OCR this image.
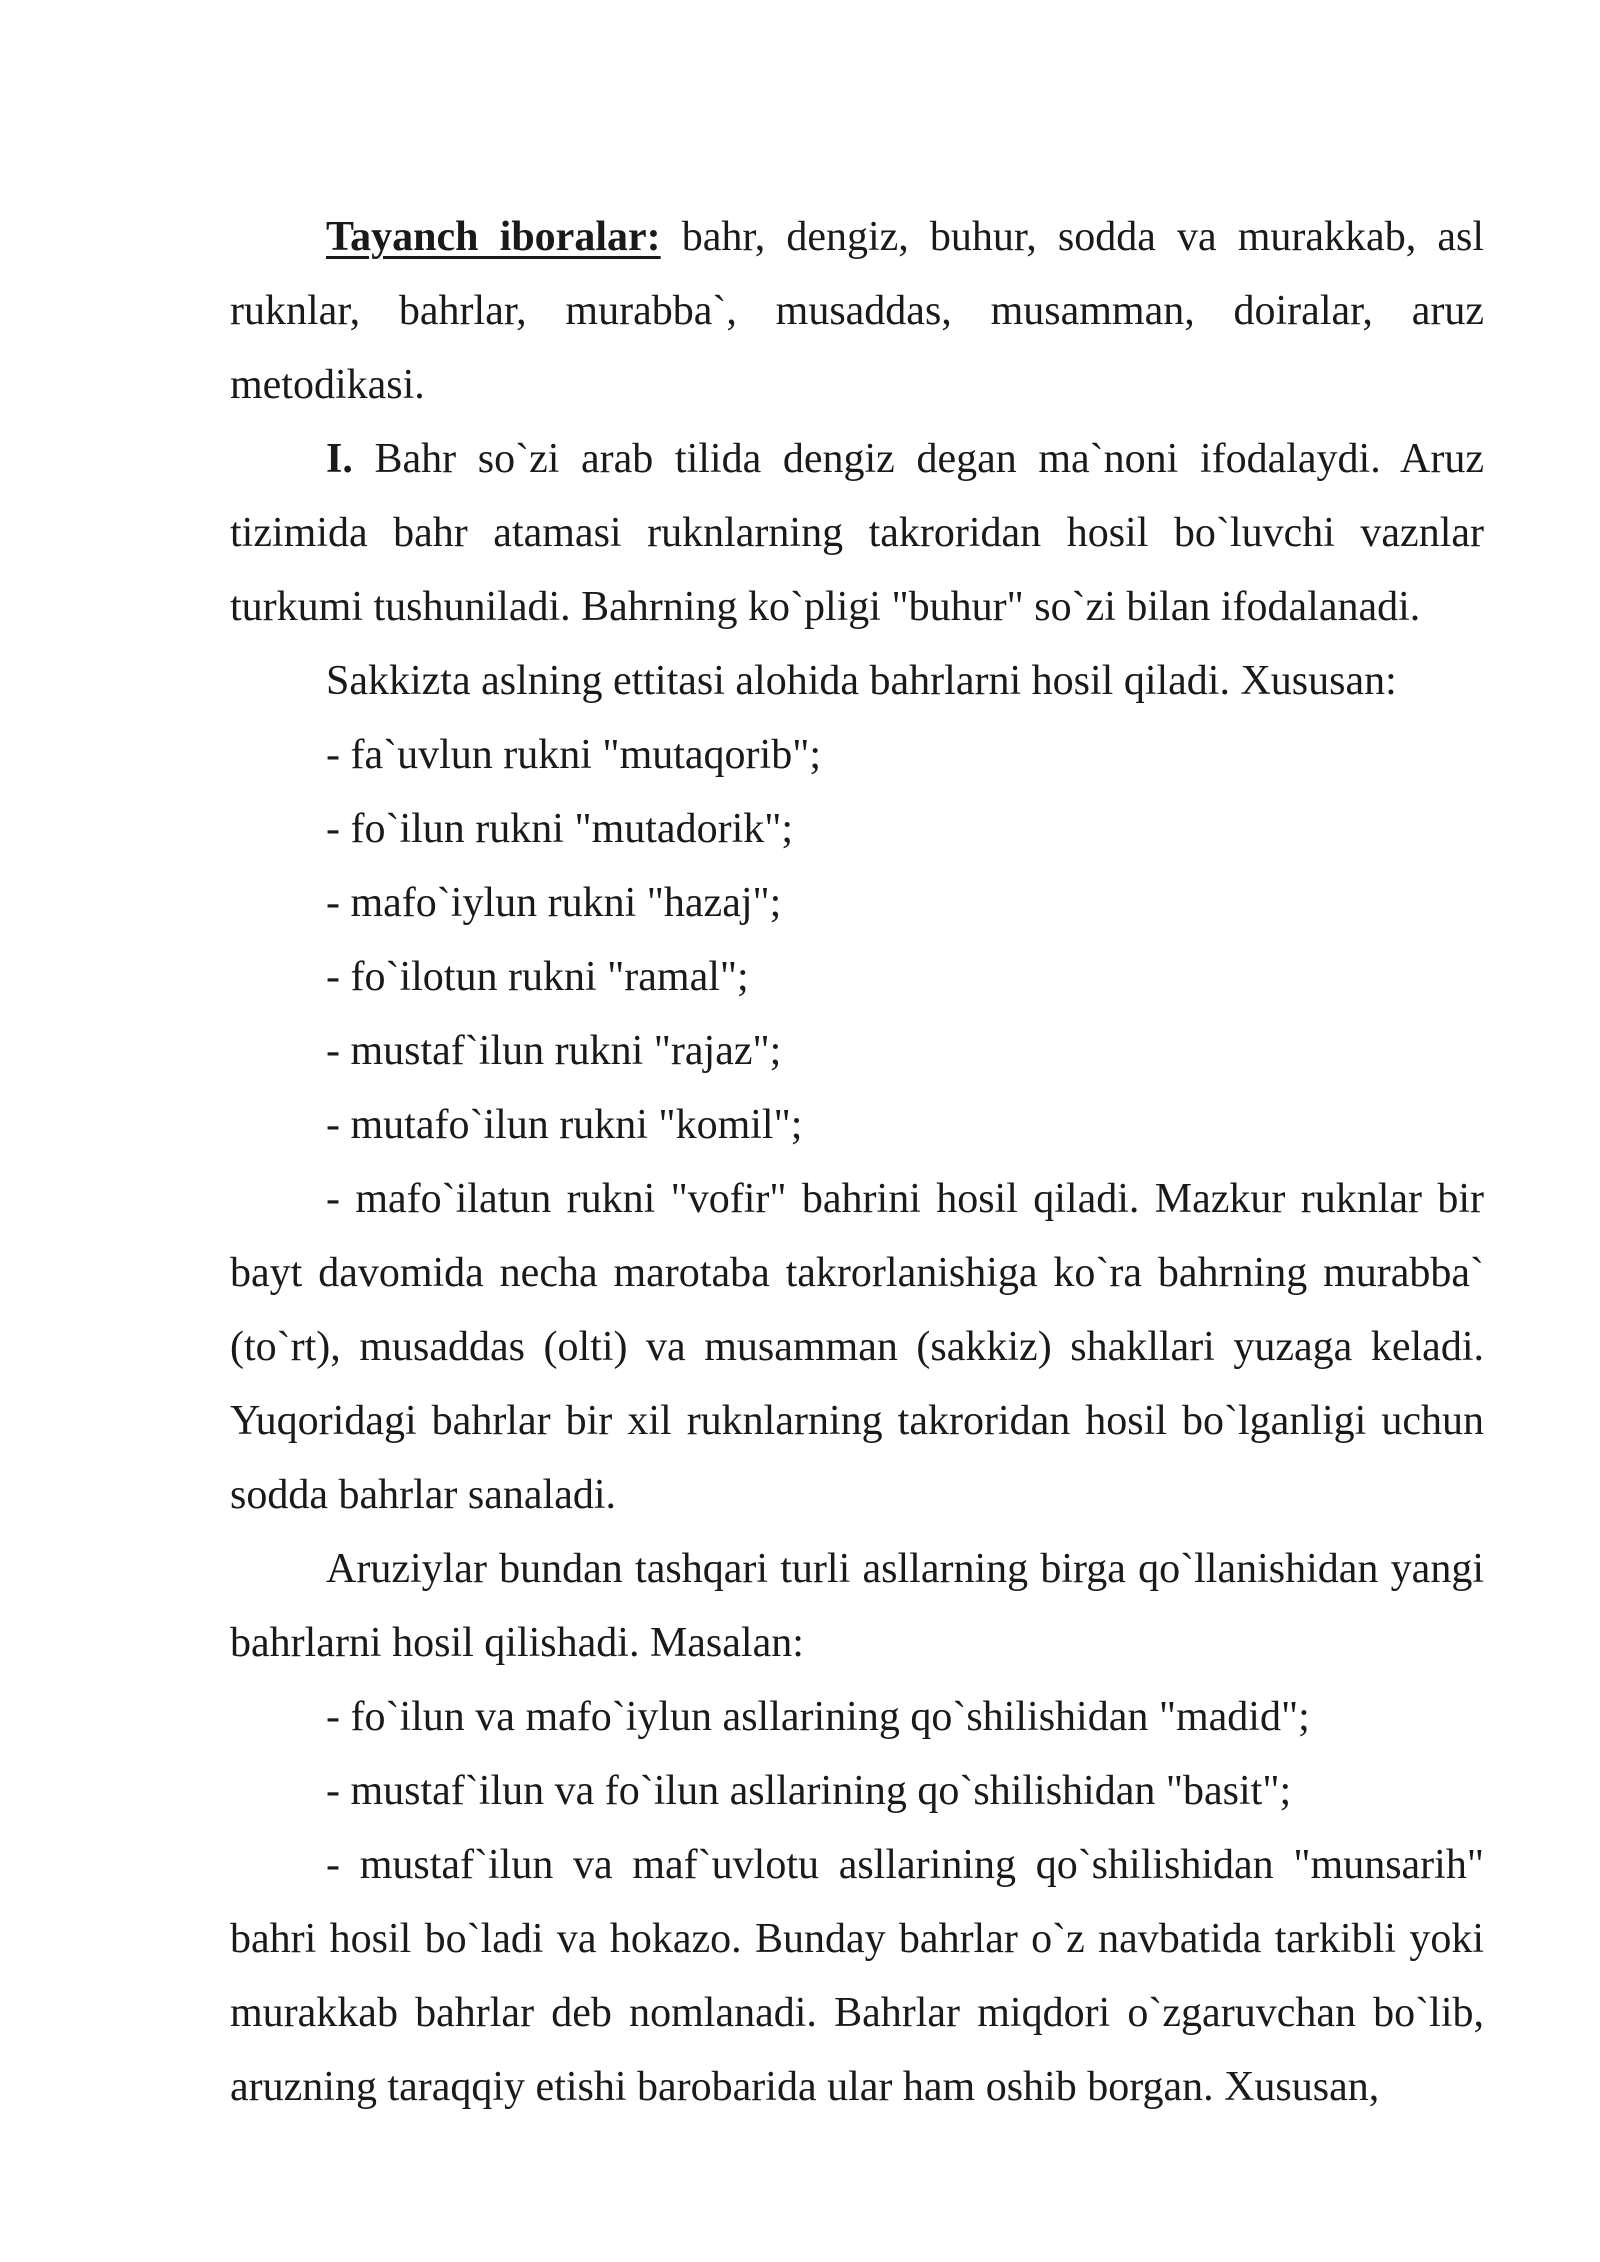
Tayanch iboralar: bahr, dengiz, buhur, sodda va murakkab, asl ruknlar, bahrlar, murabba`, musaddas, musamman, doiralar, aruz metodikasi.

I. Bahr so`zi arab tilida dengiz degan ma`noni ifodalaydi. Aruz tizimida bahr atamasi ruknlarning takroridan hosil bo`luvchi vaznlar turkumi tushuniladi. Bahrning ko`pligi "buhur" so`zi bilan ifodalanadi.

Sakkizta aslning ettitasi alohida bahrlarni hosil qiladi. Xususan:

- fa`uvlun rukni "mutaqorib";

- fo`ilun rukni "mutadorik";

- mafo`iylun rukni "hazaj";

- fo`ilotun rukni "ramal";

- mustaf`ilun rukni "rajaz";

- mutafo`ilun rukni "komil";

- mafo`ilatun rukni "vofir" bahrini hosil qiladi. Mazkur ruknlar bir bayt davomida necha marotaba takrorlanishiga ko`ra bahrning murabba` (to`rt), musaddas (olti) va musamman (sakkiz) shakllari yuzaga keladi. Yuqoridagi bahrlar bir xil ruknlarning takroridan hosil bo`lganligi uchun sodda bahrlar sanaladi.

Aruziylar bundan tashqari turli asllarning birga qo`llanishidan yangi bahrlarni hosil qilishadi. Masalan:

- fo`ilun va mafo`iylun asllarining qo`shilishidan "madid";

- mustaf`ilun va fo`ilun asllarining qo`shilishidan "basit";

- mustaf`ilun va maf`uvlotu asllarining qo`shilishidan "munsarih" bahri hosil bo`ladi va hokazo. Bunday bahrlar o`z navbatida tarkibli yoki murakkab bahrlar deb nomlanadi. Bahrlar miqdori o`zgaruvchan bo`lib, aruzning taraqqiy etishi barobarida ular ham oshib borgan. Xususan,
